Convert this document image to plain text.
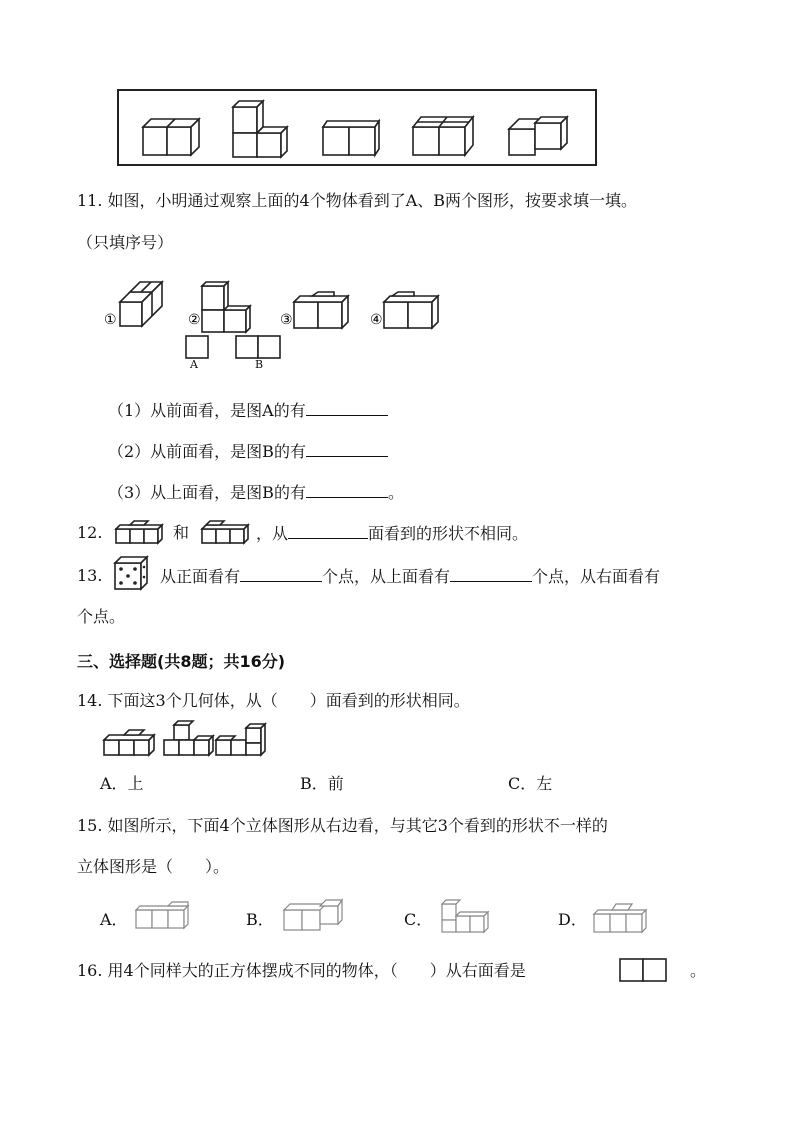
11. 如图，小明通过观察上面的4个物体看到了A、B两个图形，按要求填一填。
（只填序号）
①	②	③	④
A	B
（1）从前面看，是图A的有
（2）从前面看，是图B的有
（3）从上面看，是图B的有	。
12.	和	，从	面看到的形状不相同。
13.	从正面看有	个点，从上面看有	个点，从右面看有
个点。
三、选择题(共8题；共16分)
14. 下面这3个几何体，从（　　）面看到的形状相同。
A．上	B．前	C．左
15. 如图所示，下面4个立体图形从右边看，与其它3个看到的形状不一样的
立体图形是（　　）。
A．	B．	C．	D．
16. 用4个同样大的正方体摆成不同的物体，（　　）从右面看是	。
